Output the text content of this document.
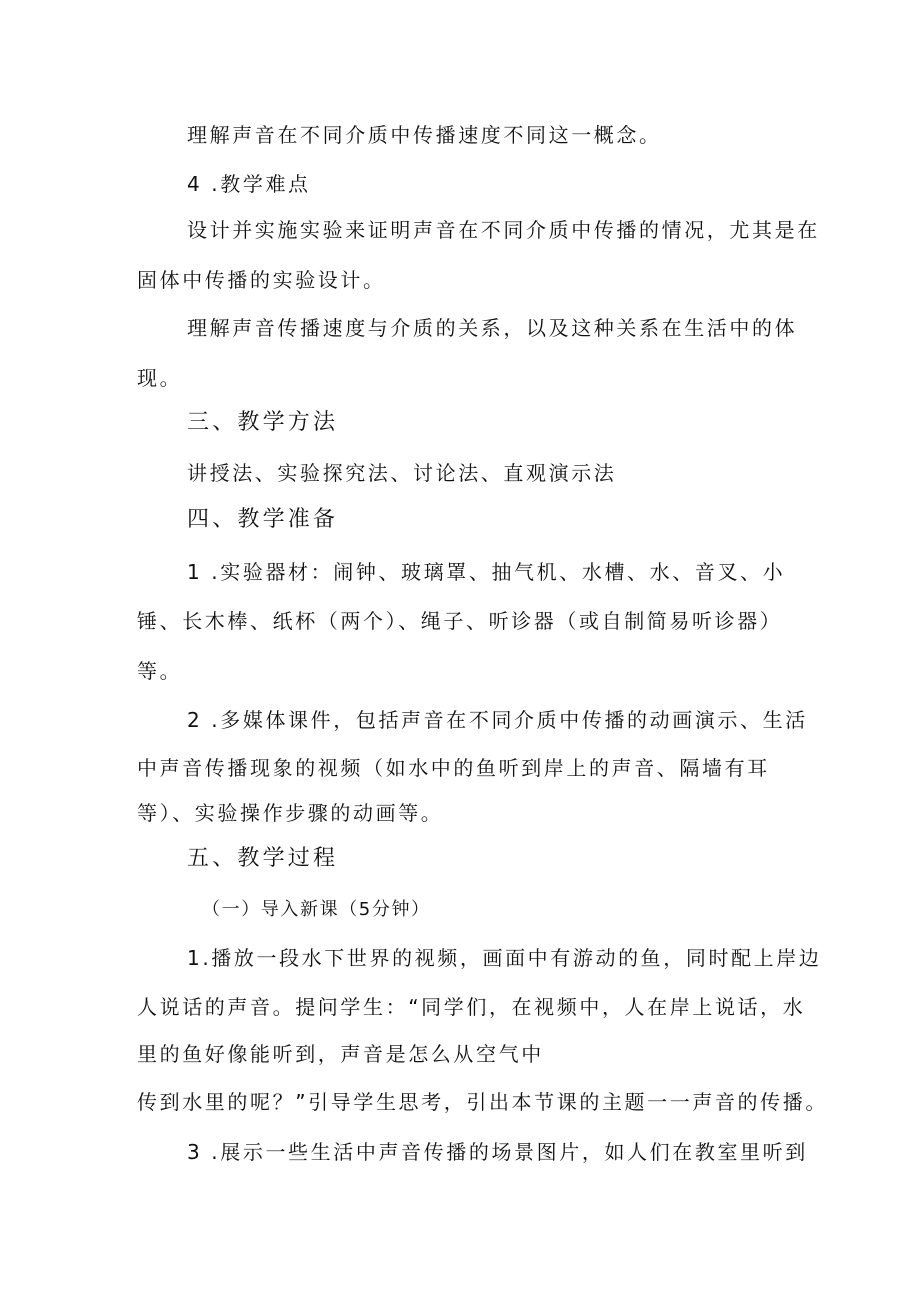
理解声音在不同介质中传播速度不同这一概念。
4 .教学难点
设计并实施实验来证明声音在不同介质中传播的情况，尤其是在
固体中传播的实验设计。
理解声音传播速度与介质的关系，以及这种关系在生活中的体
现。
三、教学方法
讲授法、实验探究法、讨论法、直观演示法
四、教学准备
1 .实验器材：闹钟、玻璃罩、抽气机、水槽、水、音叉、小
锤、长木棒、纸杯（两个）、绳子、听诊器（或自制简易听诊器）
等。
2 .多媒体课件，包括声音在不同介质中传播的动画演示、生活
中声音传播现象的视频（如水中的鱼听到岸上的声音、隔墙有耳
等）、实验操作步骤的动画等。
五、教学过程
（一）导入新课（5分钟）
1.播放一段水下世界的视频，画面中有游动的鱼，同时配上岸边
人说话的声音。提问学生：“同学们，在视频中，人在岸上说话，水
里的鱼好像能听到，声音是怎么从空气中
传到水里的呢？”引导学生思考，引出本节课的主题一一声音的传播。
3 .展示一些生活中声音传播的场景图片，如人们在教室里听到
